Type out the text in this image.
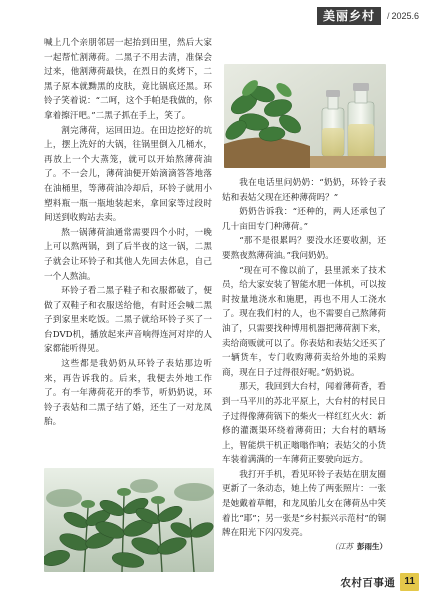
美丽乡村	/ 2025.6

喊上几个亲朋邻居一起抬到田里，然后大家一起帮忙割薄荷。二黑子不用去清，准保会过来，他割薄荷最快，在烈日的炙烤下，二黑子原本就黝黑的皮肤，竟比锅底还黑。环铃子笑着说：“二呵，这个手帕是我做的，你拿着擦汗吧。”二黑子抓在手上，笑了。

割完薄荷，运回田边。在田边挖好的坑上，摆上洗好的大锅，往锅里倒入几桶水，再放上一个大蒸笼，就可以开始熬薄荷油了。不一会儿，薄荷油便开始滴滴答答地落在油桶里，等薄荷油冷却后，环铃子就用小塑料瓶一瓶一瓶地装起来，拿回家等过段时间送到收购站去卖。

熬一锅薄荷油通常需要四个小时，一晚上可以熬两锅，到了后半夜的这一锅，二黑子就会让环铃子和其他人先回去休息，自己一个人熬油。

环铃子看二黑子鞋子和衣服都破了，便做了双鞋子和衣服送给他，有时还会喊二黑子到家里来吃饭。二黑子就给环铃子买了一台DVD机，播放起来声音响得连河对岸的人家都能听得见。

这些都是我奶奶从环铃子表姑那边听来，再告诉我的。后来，我便去外地工作了。有一年薄荷花开的季节，听奶奶说，环铃子表姑和二黑子结了婚，还生了一对龙凤胎。

我在电话里问奶奶：“奶奶，环铃子表姑和表姑父现在还种薄荷吗？”

奶奶告诉我：“还种的，两人还承包了几十亩田专门种薄荷。”

“那不是很累吗？要没水还要收割，还要熬夜熬薄荷油。”我问奶奶。

“现在可不像以前了，县里派来了技术员，给大家安装了智能水肥一体机，可以按时按量地浇水和施肥，再也不用人工浇水了。现在我们村的人，也不需要自己熬薄荷油了，只需要找种博用机器把薄荷割下来，卖给商贩就可以了。你表姑和表姑父还买了一辆货车，专门收购薄荷卖给外地的采购商，现在日子过得很好呢。”奶奶说。

那天，我回到大台村，闻着薄荷香，看到一马平川的苏北平原上，大台村的村民日子过得像薄荷锅下的柴火一样红红火火：新修的灌溉渠环绕着薄荷田；大台村的晒场上，智能烘干机正嗡嗡作响；表姑父的小货车装着满满的一车薄荷正要驶向远方。

我打开手机，看见环铃子表姑在朋友圈更新了一条动态，她上传了两张照片：一张是她戴着草帽，和龙凤胎儿女在薄荷丛中笑着比“耶”；另一张是“乡村振兴示范村”的铜牌在阳光下闪闪发亮。

（江苏 彭雨生）
农村百事通 11
